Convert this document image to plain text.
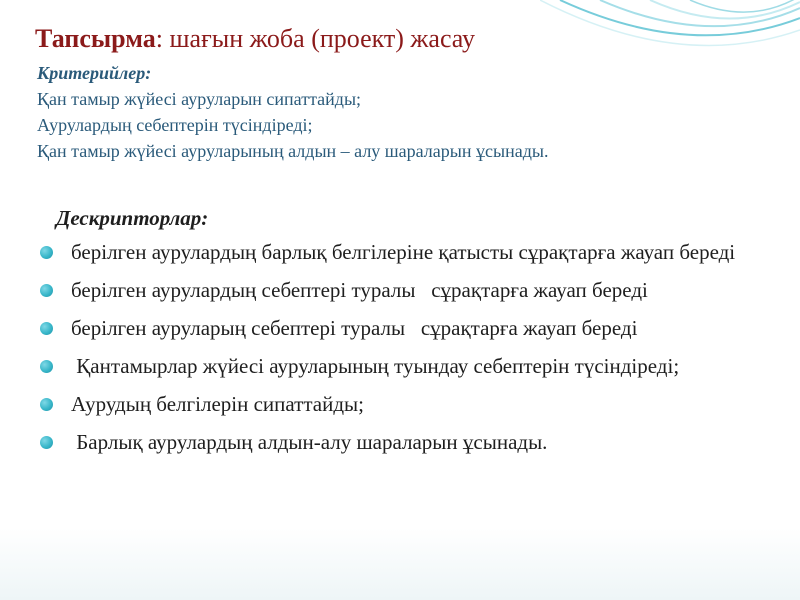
Тапсырма: шағын жоба (проект) жасау
Критерийлер:
Қан тамыр жүйесі ауруларын сипаттайды;
Аурулардың себептерін түсіндіреді;
Қан тамыр жүйесі ауруларының алдын – алу шараларын ұсынады.
Дескрипторлар:
берілген аурулардың барлық белгілеріне қатысты сұрақтарға жауап береді
берілген аурулардың себептері туралы   сұрақтарға жауап береді
берілген ауруларың себептері туралы   сұрақтарға жауап береді
Қантамырлар жүйесі ауруларының туындау себептерін түсіндіреді;
Аурудың белгілерін сипаттайды;
Барлық аурулардың алдын-алу шараларын ұсынады.
